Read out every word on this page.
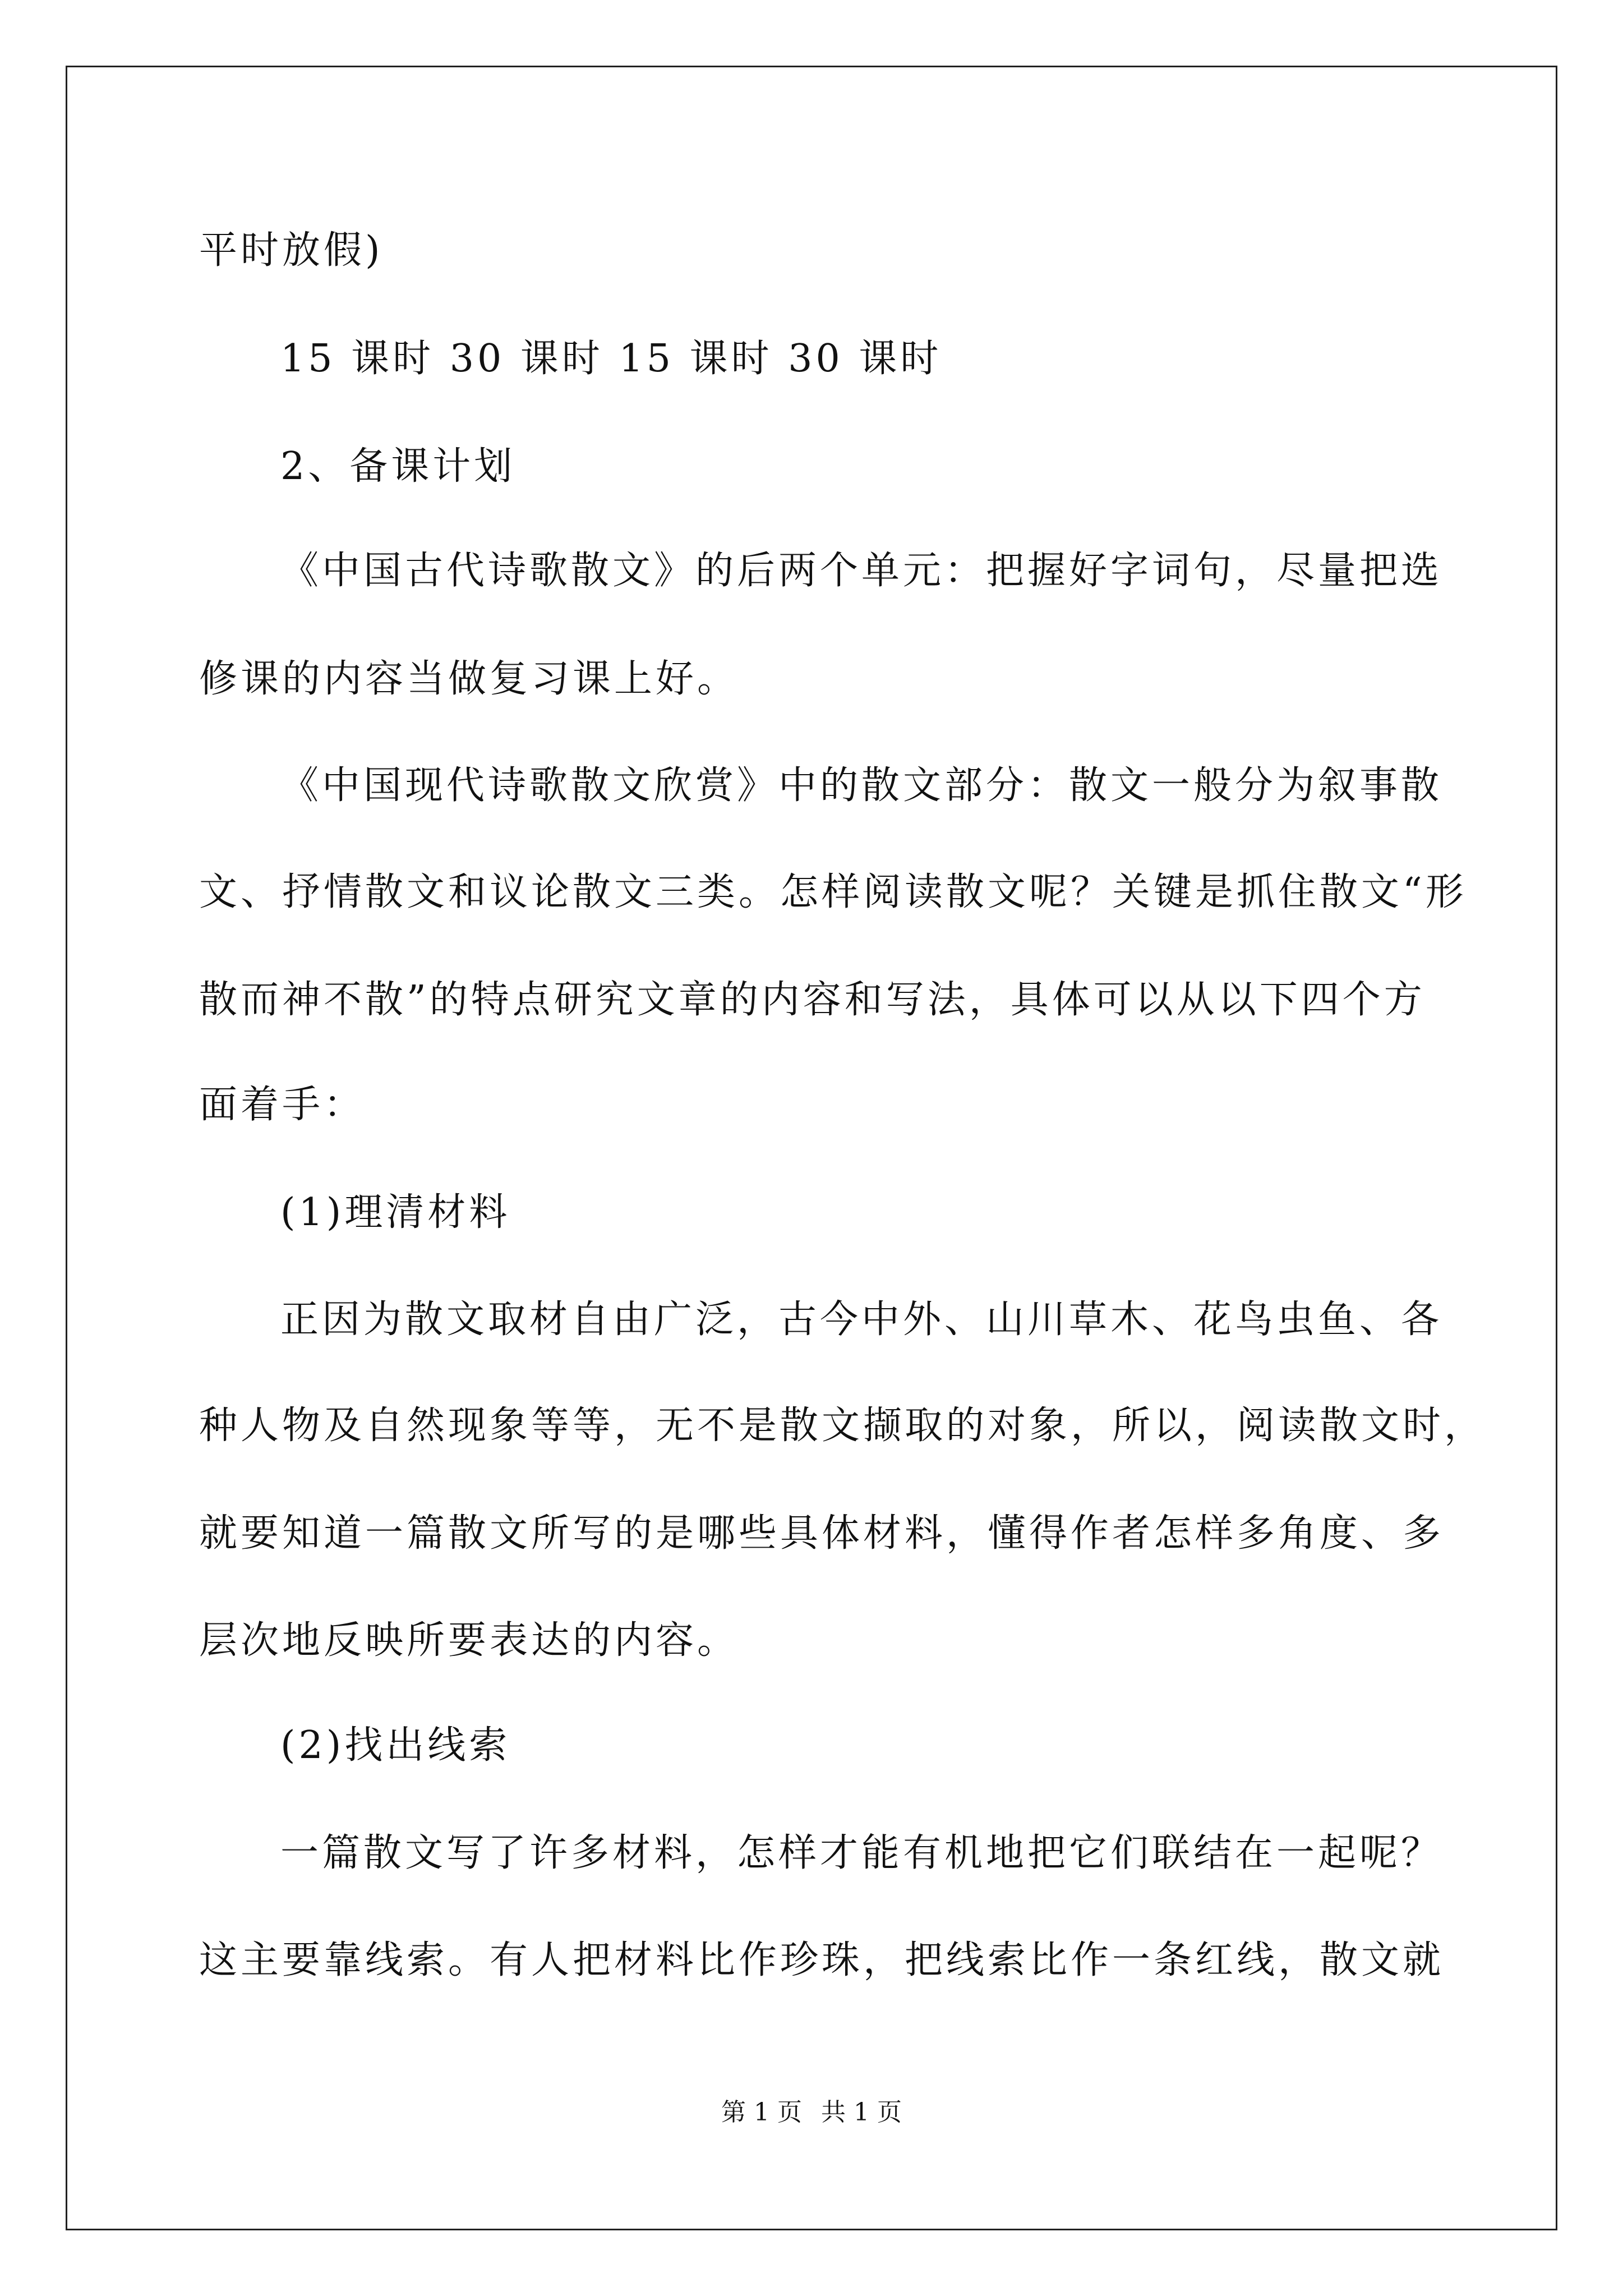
平时放假)
15 课时 30 课时 15 课时 30 课时
2、备课计划
《中国古代诗歌散文》的后两个单元：把握好字词句，尽量把选
修课的内容当做复习课上好。
《中国现代诗歌散文欣赏》中的散文部分：散文一般分为叙事散
文、抒情散文和议论散文三类。怎样阅读散文呢？关键是抓住散文“形
散而神不散”的特点研究文章的内容和写法，具体可以从以下四个方
面着手：
(1)理清材料
正因为散文取材自由广泛，古今中外、山川草木、花鸟虫鱼、各
种人物及自然现象等等，无不是散文撷取的对象，所以，阅读散文时，
就要知道一篇散文所写的是哪些具体材料，懂得作者怎样多角度、多
层次地反映所要表达的内容。
(2)找出线索
一篇散文写了许多材料，怎样才能有机地把它们联结在一起呢？
这主要靠线索。有人把材料比作珍珠，把线索比作一条红线，散文就
第 1 页 共 1 页
